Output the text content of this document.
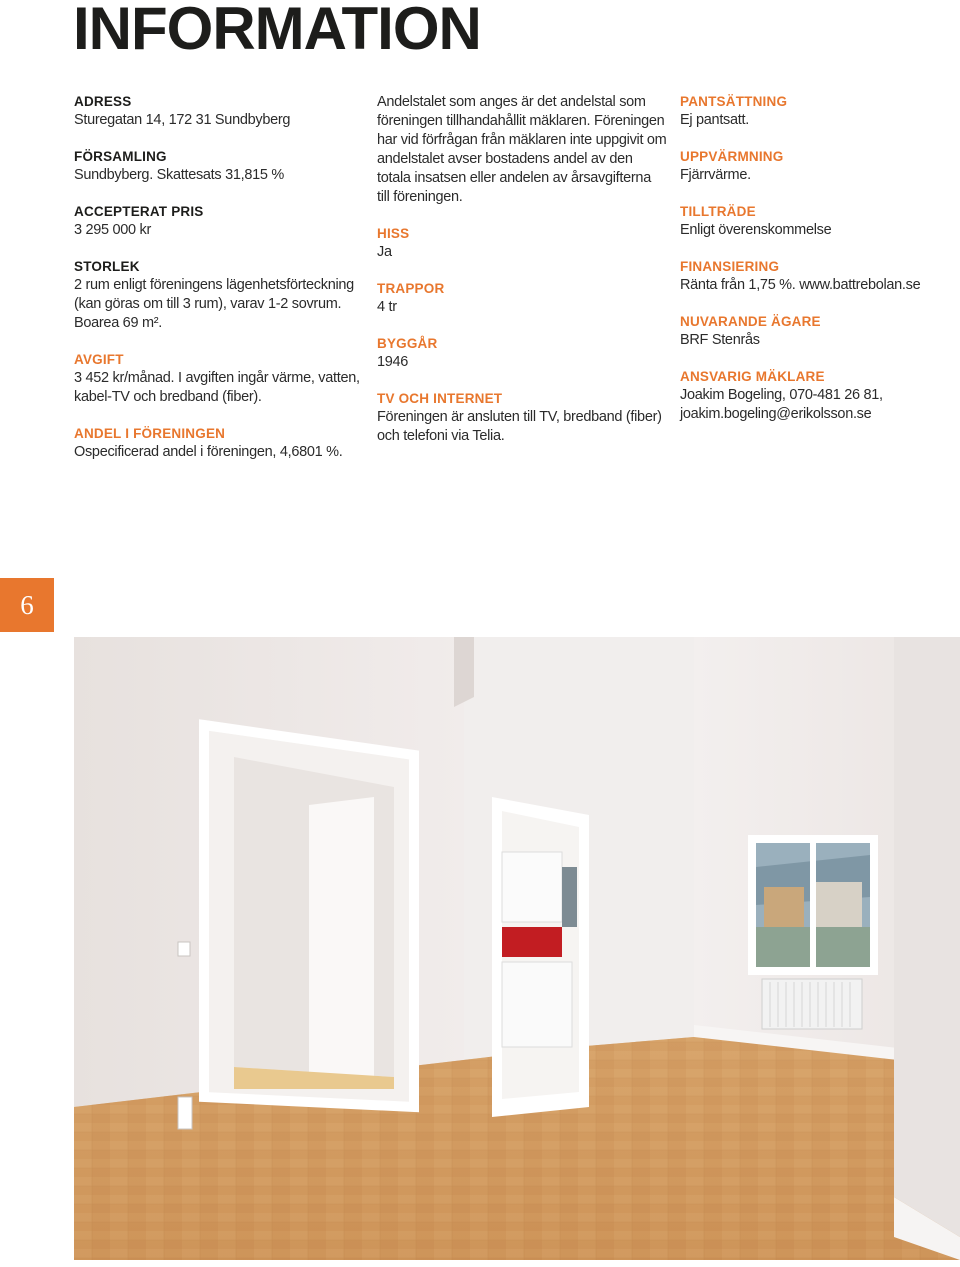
INFORMATION
ADRESS
Sturegatan 14, 172 31 Sundbyberg
FÖRSAMLING
Sundbyberg. Skattesats 31,815 %
ACCEPTERAT PRIS
3 295 000 kr
STORLEK
2 rum enligt föreningens lägenhetsförteckning (kan göras om till 3 rum), varav 1-2 sovrum. Boarea 69 m².
AVGIFT
3 452 kr/månad. I avgiften ingår värme, vatten, kabel-TV och bredband (fiber).
ANDEL I FÖRENINGEN
Ospecificerad andel i föreningen, 4,6801 %.

Andelstalet som anges är det andelstal som föreningen tillhandahållit mäklaren. Föreningen har vid förfrågan från mäklaren inte uppgivit om andelstalet avser bostadens andel av den totala insatsen eller andelen av årsavgifterna till föreningen.

HISS
Ja
TRAPPOR
4 tr
BYGGÅR
1946
TV OCH INTERNET
Föreningen är ansluten till TV, bredband (fiber) och telefoni via Telia.
PANTSÄTTNING
Ej pantsatt.
UPPVÄRMNING
Fjärrvärme.
TILLTRÄDE
Enligt överenskommelse
FINANSIERING
Ränta från 1,75 %. www.battrebolan.se
NUVARANDE ÄGARE
BRF Stenrås
ANSVARIG MÄKLARE
Joakim Bogeling, 070-481 26 81, joakim.bogeling@erikolsson.se
6
